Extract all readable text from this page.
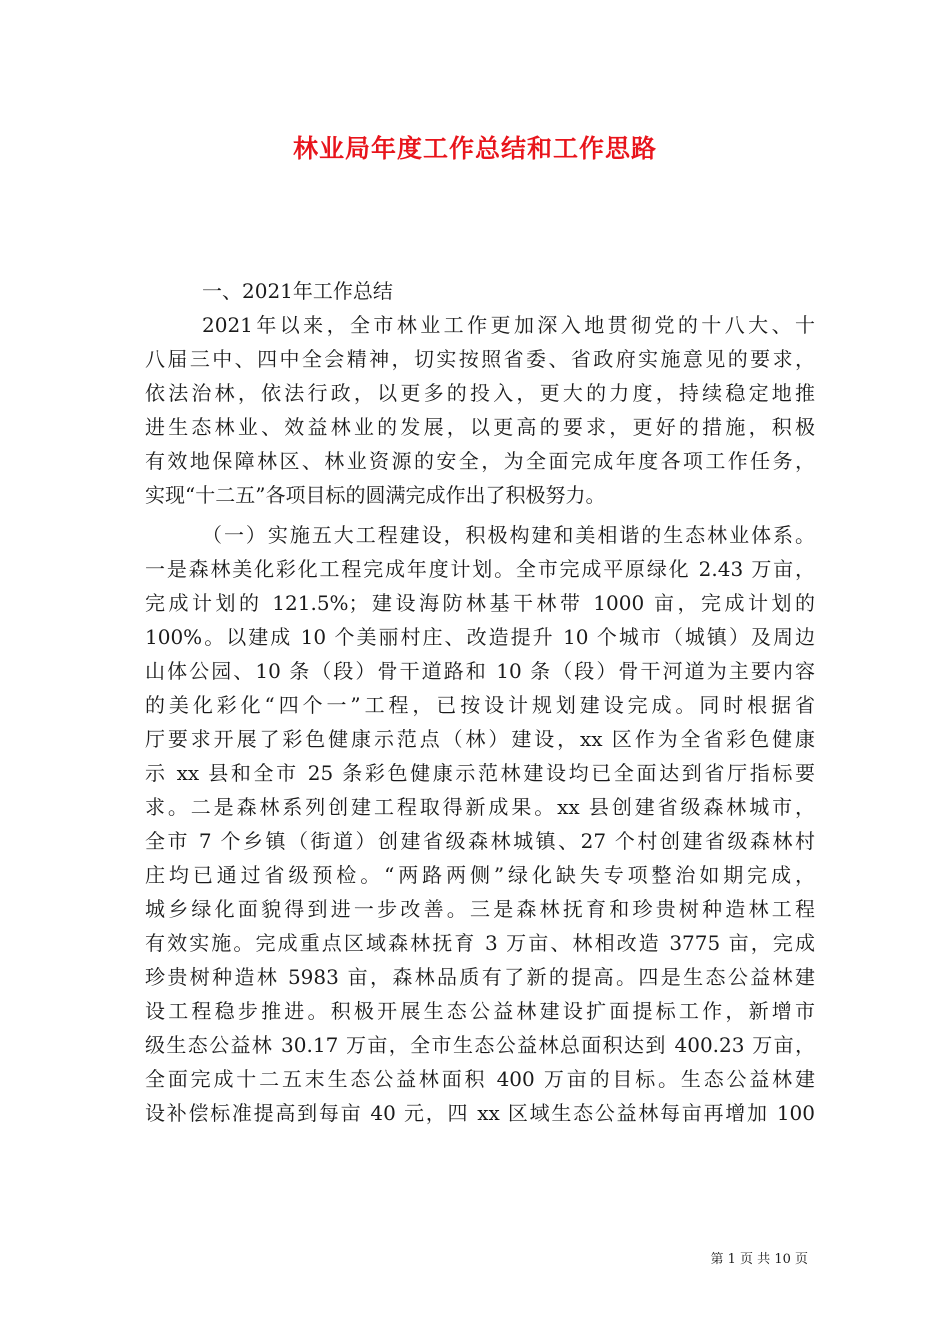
林业局年度工作总结和工作思路
一、2021年工作总结
2021年以来，全市林业工作更加深入地贯彻党的十八大、十
八届三中、四中全会精神，切实按照省委、省政府实施意见的要求，
依法治林，依法行政，以更多的投入，更大的力度，持续稳定地推
进生态林业、效益林业的发展，以更高的要求，更好的措施，积极
有效地保障林区、林业资源的安全，为全面完成年度各项工作任务，
实现“十二五”各项目标的圆满完成作出了积极努力。
（一）实施五大工程建设，积极构建和美相谐的生态林业体系。
一是森林美化彩化工程完成年度计划。全市完成平原绿化 2.43 万亩，
完成计划的 121.5%；建设海防林基干林带 1000 亩，完成计划的
100%。以建成 10 个美丽村庄、改造提升 10 个城市（城镇）及周边
山体公园、10 条（段）骨干道路和 10 条（段）骨干河道为主要内容
的美化彩化“四个一”工程，已按设计规划建设完成。同时根据省
厅要求开展了彩色健康示范点（林）建设，xx 区作为全省彩色健康
示 xx 县和全市 25 条彩色健康示范林建设均已全面达到省厅指标要
求。二是森林系列创建工程取得新成果。xx 县创建省级森林城市，
全市 7 个乡镇（街道）创建省级森林城镇、27 个村创建省级森林村
庄均已通过省级预检。“两路两侧”绿化缺失专项整治如期完成，
城乡绿化面貌得到进一步改善。三是森林抚育和珍贵树种造林工程
有效实施。完成重点区域森林抚育 3 万亩、林相改造 3775 亩，完成
珍贵树种造林 5983 亩，森林品质有了新的提高。四是生态公益林建
设工程稳步推进。积极开展生态公益林建设扩面提标工作，新增市
级生态公益林 30.17 万亩，全市生态公益林总面积达到 400.23 万亩，
全面完成十二五末生态公益林面积 400 万亩的目标。生态公益林建
设补偿标准提高到每亩 40 元，四 xx 区域生态公益林每亩再增加 100
第 1 页 共 10 页
